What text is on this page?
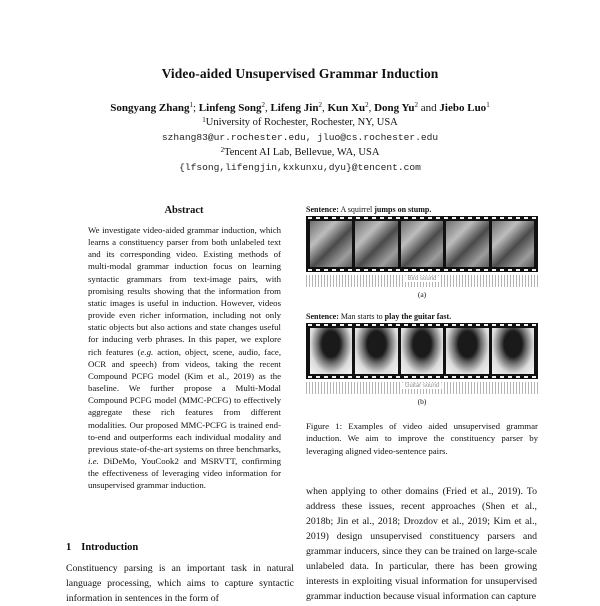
Video-aided Unsupervised Grammar Induction
Songyang Zhang$^1$; Linfeng Song$^2$, Lifeng Jin$^2$, Kun Xu$^2$, Dong Yu$^2$ and Jiebo Luo$^1$
$^1$University of Rochester, Rochester, NY, USA
szhang83@ur.rochester.edu, jluo@cs.rochester.edu
$^2$Tencent AI Lab, Bellevue, WA, USA
{lfsong,lifengjin,kxkunxu,dyu}@tencent.com
Abstract
We investigate video-aided grammar induction, which learns a constituency parser from both unlabeled text and its corresponding video. Existing methods of multi-modal grammar induction focus on learning syntactic grammars from text-image pairs, with promising results showing that the information from static images is useful in induction. However, videos provide even richer information, including not only static objects but also actions and state changes useful for inducing verb phrases. In this paper, we explore rich features (e.g. action, object, scene, audio, face, OCR and speech) from videos, taking the recent Compound PCFG model (Kim et al., 2019) as the baseline. We further propose a Multi-Modal Compound PCFG model (MMC-PCFG) to effectively aggregate these rich features from different modalities. Our proposed MMC-PCFG is trained end-to-end and outperforms each individual modality and previous state-of-the-art systems on three benchmarks, i.e. DiDeMo, YouCook2 and MSRVTT, confirming the effectiveness of leveraging video information for unsupervised grammar induction.
1 Introduction
Constituency parsing is an important task in natural language processing, which aims to capture syntactic information in sentences in the form of
Sentence: A squirrel jumps on stump.
Bird sound
(a)
Sentence: Man starts to play the guitar fast.
Guitar sound
(b)
Figure 1: Examples of video aided unsupervised grammar induction. We aim to improve the constituency parser by leveraging aligned video-sentence pairs.
when applying to other domains (Fried et al., 2019). To address these issues, recent approaches (Shen et al., 2018b; Jin et al., 2018; Drozdov et al., 2019; Kim et al., 2019) design unsupervised constituency parsers and grammar inducers, since they can be trained on large-scale unlabeled data. In particular, there has been growing interests in exploiting visual information for unsupervised grammar induction because visual information can capture
